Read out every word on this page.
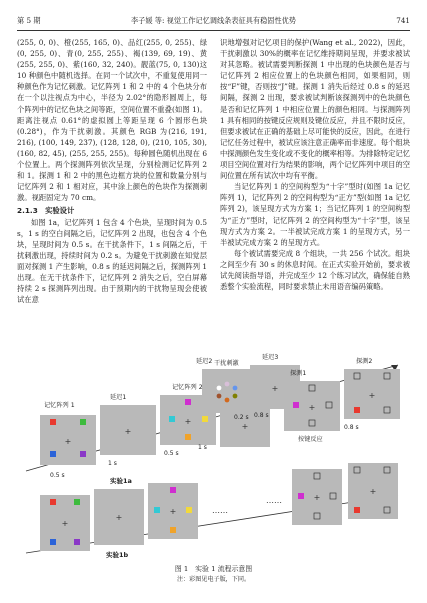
第 5 期	李子媛 等: 视觉工作记忆调线条表征具有稳固性优势	741

(255, 0, 0)、橙(255, 165, 0)、品红(255, 0, 255)、绿(0, 255, 0)、青(0, 255, 255)、褐(139, 69, 19)、黄(255, 255, 0)、紫(160, 32, 240)。靓蓝(75, 0, 130)这 10 种颜色中随机选择。在同一个试次中，不重复使用同一种颜色作为记忆刺激。记忆阵列 1 和 2 中的 4 个色块分布在一个以注视点为中心，半径为 2.02°的隐形圆周上，每个阵列中的记忆色块之间等距，空间位置不重叠(如图 1)。距离注视点 0.61°的虚拟圆上等距呈现 6 个圆形色块(0.28°)，作为干扰刺激。其颜色 RGB 为(216, 191, 216), (100, 149, 237), (128, 128, 0), (210, 105, 30), (160, 82, 45), (255, 255, 255)。每种圆色随机出现在 6 个位置上。两个探测阵列依次呈现，分别检测记忆阵列 2 和 1。探测 1 和 2 中的黑色边框方块的位置和数量分别与记忆阵列 2 和 1 相对应，其中涂上颜色的色块作为探测刺激。视距固定为 70 cm。

2.1.3　实验设计

如图 1a，记忆阵列 1 包含 4 个色块，呈现时间为 0.5 s，1 s 的空白间隔之后，记忆阵列 2 出现，也包含 4 个色块，呈现时间为 0.5 s。在干扰条件下，1 s 间隔之后，干扰刺激出现，持续时间为 0.2 s。为避免干扰刺激在知觉层面对探测 1 产生影响，0.8 s 的延迟间隔之后，探测阵列 1 出现。在无干扰条件下，记忆阵列 2 消失之后，空白屏幕持续 2 s 探测阵列出现。由于预期内的干扰物呈现会使被试在意

识地增强对记忆项目的保护(Wang et al., 2022)，因此，干扰刺激以 30%的概率在记忆维持期间呈现，并要求被试对其忽略。被试需要判断探测 1 中出现的色块颜色是否与记忆阵列 2 相应位置上的色块颜色相同，如果相同，则按“F”键，否则按“J”键。探测 1 消失后经过 0.8 s 的延迟间隔，探测 2 出现，要求被试判断该探测列中的色块颜色是否和记忆阵列 1 中相应位置上的颜色相同。与探测阵列 1 具有相同的按键反应规则及键位反应，并且不限时反应，但要求被试在正确的基础上尽可能快的反应，因此，在进行记忆任务过程中，被试应该注意正确率而非速度。每个组块中探测颜色发生变化或不变化的概率相等。为排除特定记忆项目空间位置对行为结果的影响，两个记忆阵列中项目的空间位置在所有试次中均有平衡。

当记忆阵列 1 的空间构型为“十字”型时(如图 1a 记忆阵列 1)，记忆阵列 2 的空间构型为“正方”型(如图 1a 记忆阵列 2)，该呈现方式为方案 1；当记忆阵列 1 的空间构型为“正方”型时，记忆阵列 2 的空间构型为“十字”型，该呈现方式为方案 2。一半被试完成方案 1 的呈现方式，另一半被试完成方案 2 的呈现方式。

每个被试需要完成 8 个组块，一共 256 个试次。组块之间至少有 30 s 的休息时间。在正式实验开始前，要求被试先阅读指导语，并完成至少 12 个练习试次，确保能自熟悉整个实验流程，同时要求禁止未用语音编码策略。

+
+
+
+
+
+
+
记忆阵列 1
延迟1
记忆阵列 2
延迟2 干扰刺激
延迟3
探测1
探测2
按键反应
0.5 s
1 s
0.5 s
1 s
0.2 s 0.8 s
0.8 s
实验1a
+
+
+	……
……	+
+
实验1b
图 1　实验 1 流程示意图
注：彩图见电子版，下同。
